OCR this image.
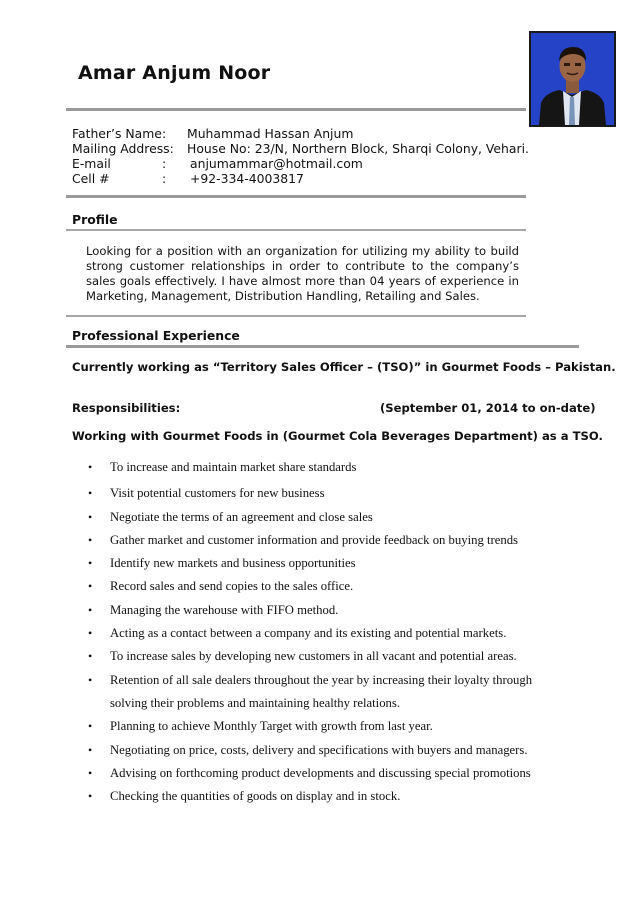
Amar Anjum Noor
Father’s Name : Muhammad Hassan Anjum
Mailing Address: House No: 23/N, Northern Block, Sharqi Colony, Vehari.
E-mail	: anjumammar@hotmail.com
Cell #	: +92-334-4003817
Profile
Looking for a position with an organization for utilizing my ability to build strong customer relationships in order to contribute to the company’s sales goals effectively. I have almost more than 04 years of experience in Marketing, Management, Distribution Handling, Retailing and Sales.
Professional Experience
Currently working as “Territory Sales Officer – (TSO)” in Gourmet Foods – Pakistan.
Responsibilities:	(September 01, 2014 to on-date)
Working with Gourmet Foods in (Gourmet Cola Beverages Department) as a TSO.
• To increase and maintain market share standards
• Visit potential customers for new business
• Negotiate the terms of an agreement and close sales
• Gather market and customer information and provide feedback on buying trends
• Identify new markets and business opportunities
• Record sales and send copies to the sales office.
• Managing the warehouse with FIFO method.
• Acting as a contact between a company and its existing and potential markets.
• To increase sales by developing new customers in all vacant and potential areas.
• Retention of all sale dealers throughout the year by increasing their loyalty through solving their problems and maintaining healthy relations.
• Planning to achieve Monthly Target with growth from last year.
• Negotiating on price, costs, delivery and specifications with buyers and managers.
• Advising on forthcoming product developments and discussing special promotions
• Checking the quantities of goods on display and in stock.
